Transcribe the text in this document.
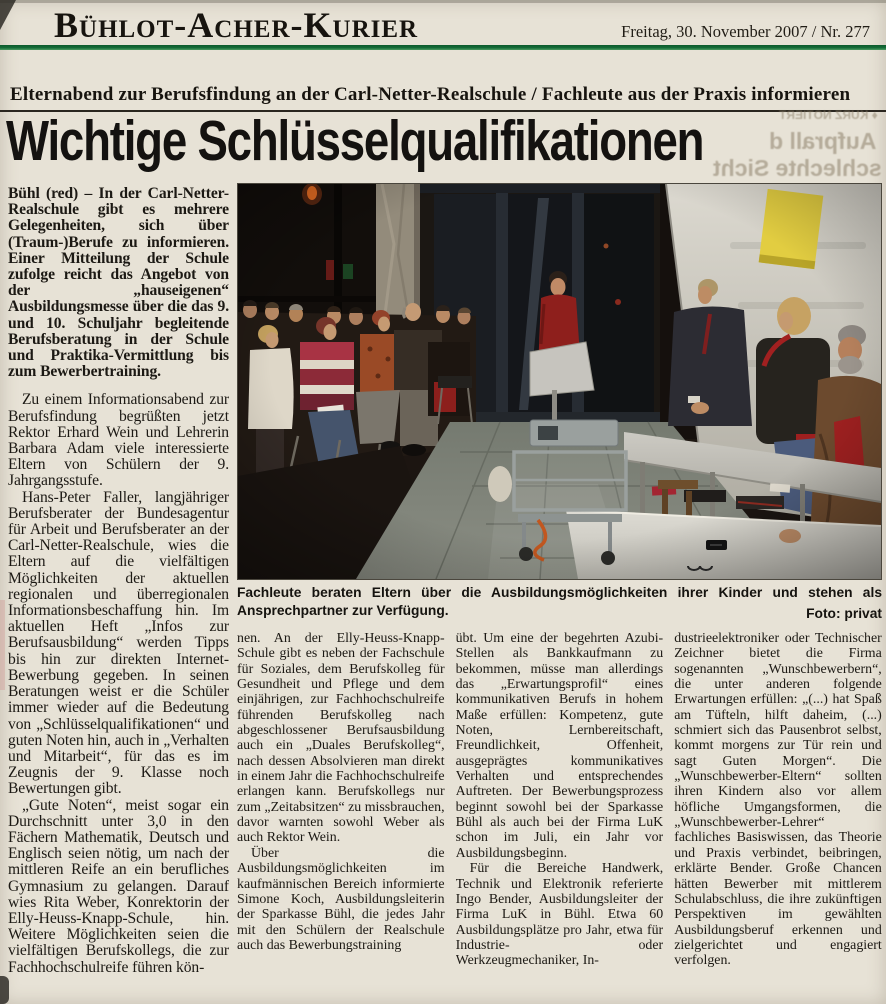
Bühlot-Acher-Kurier	Freitag, 30. November 2007 / Nr. 277
Elternabend zur Berufsfindung an der Carl-Netter-Realschule / Fachleute aus der Praxis informieren
Wichtige Schlüsselqualifikationen	♦ KURZ NOTIERT
Aufprall d
schlechte Sicht

Bühl (red) – In der Carl-Netter-Realschule gibt es mehrere Gelegenheiten, sich über (Traum-)Berufe zu informieren. Einer Mitteilung der Schule zufolge reicht das Angebot von der „hauseigenen“ Ausbildungsmesse über die das 9. und 10. Schuljahr begleitende Berufsberatung in der Schule und Praktika-Vermittlung bis zum Bewerbertraining.

Zu einem Informationsabend zur Berufsfindung begrüßten jetzt Rektor Erhard Wein und Lehrerin Barbara Adam viele interessierte Eltern von Schülern der 9. Jahrgangsstufe.

Hans-Peter Faller, langjähriger Berufsberater der Bundesagentur für Arbeit und Berufsberater an der Carl-Netter-Realschule, wies die Eltern auf die vielfältigen Möglichkeiten der aktuellen regionalen und überregionalen Informationsbeschaffung hin. Im aktuellen Heft „Infos zur Berufsausbildung“ werden Tipps bis hin zur direkten Internet-Bewerbung gegeben. In seinen Beratungen weist er die Schüler immer wieder auf die Bedeutung von „Schlüsselqualifikationen“ und guten Noten hin, auch in „Verhalten und Mitarbeit“, für das es im Zeugnis der 9. Klasse noch Bewertungen gibt.

„Gute Noten“, meist sogar ein Durchschnitt unter 3,0 in den Fächern Mathematik, Deutsch und Englisch seien nötig, um nach der mittleren Reife an ein berufliches Gymnasium zu gelangen. Darauf wies Rita Weber, Konrektorin der Elly-Heuss-Knapp-Schule, hin. Weitere Möglichkeiten seien die vielfältigen Berufskollegs, die zur Fachhochschulreife führen kön-

Fachleute beraten Eltern über die Ausbildungsmöglichkeiten ihrer Kinder und stehen als Ansprechpartner zur Verfügung.	Foto: privat

nen. An der Elly-Heuss-Knapp-Schule gibt es neben der Fachschule für Soziales, dem Berufskolleg für Gesundheit und Pflege und dem einjährigen, zur Fachhochschulreife führenden Berufskolleg nach abgeschlossener Berufsausbildung auch ein „Duales Berufskolleg“, nach dessen Absolvieren man direkt in einem Jahr die Fachhochschulreife erlangen kann. Berufskollegs nur zum „Zeitabsitzen“ zu missbrauchen, davor warnten sowohl Weber als auch Rektor Wein.

Über die Ausbildungsmöglichkeiten im kaufmännischen Bereich informierte Simone Koch, Ausbildungsleiterin der Sparkasse Bühl, die jedes Jahr mit den Schülern der Realschule auch das Bewerbungstraining

übt. Um eine der begehrten Azubi-Stellen als Bankkaufmann zu bekommen, müsse man allerdings das „Erwartungsprofil“ eines kommunikativen Berufs in hohem Maße erfüllen: Kompetenz, gute Noten, Lernbereitschaft, Freundlichkeit, Offenheit, ausgeprägtes kommunikatives Verhalten und entsprechendes Auftreten. Der Bewerbungsprozess beginnt sowohl bei der Sparkasse Bühl als auch bei der Firma LuK schon im Juli, ein Jahr vor Ausbildungsbeginn.

Für die Bereiche Handwerk, Technik und Elektronik referierte Ingo Bender, Ausbildungsleiter der Firma LuK in Bühl. Etwa 60 Ausbildungsplätze pro Jahr, etwa für Industrie- oder Werkzeugmechaniker, In-

dustrieelektroniker oder Technischer Zeichner bietet die Firma sogenannten „Wunschbewerbern“, die unter anderen folgende Erwartungen erfüllen: „(...) hat Spaß am Tüfteln, hilft daheim, (...) schmiert sich das Pausenbrot selbst, kommt morgens zur Tür rein und sagt Guten Morgen“. Die „Wunschbewerber-Eltern“ sollten ihren Kindern also vor allem höfliche Umgangsformen, die „Wunschbewerber-Lehrer“ fachliches Basiswissen, das Theorie und Praxis verbindet, beibringen, erklärte Bender. Große Chancen hätten Bewerber mit mittlerem Schulabschluss, die ihre zukünftigen Perspektiven im gewählten Ausbildungsberuf erkennen und zielgerichtet und engagiert verfolgen.
